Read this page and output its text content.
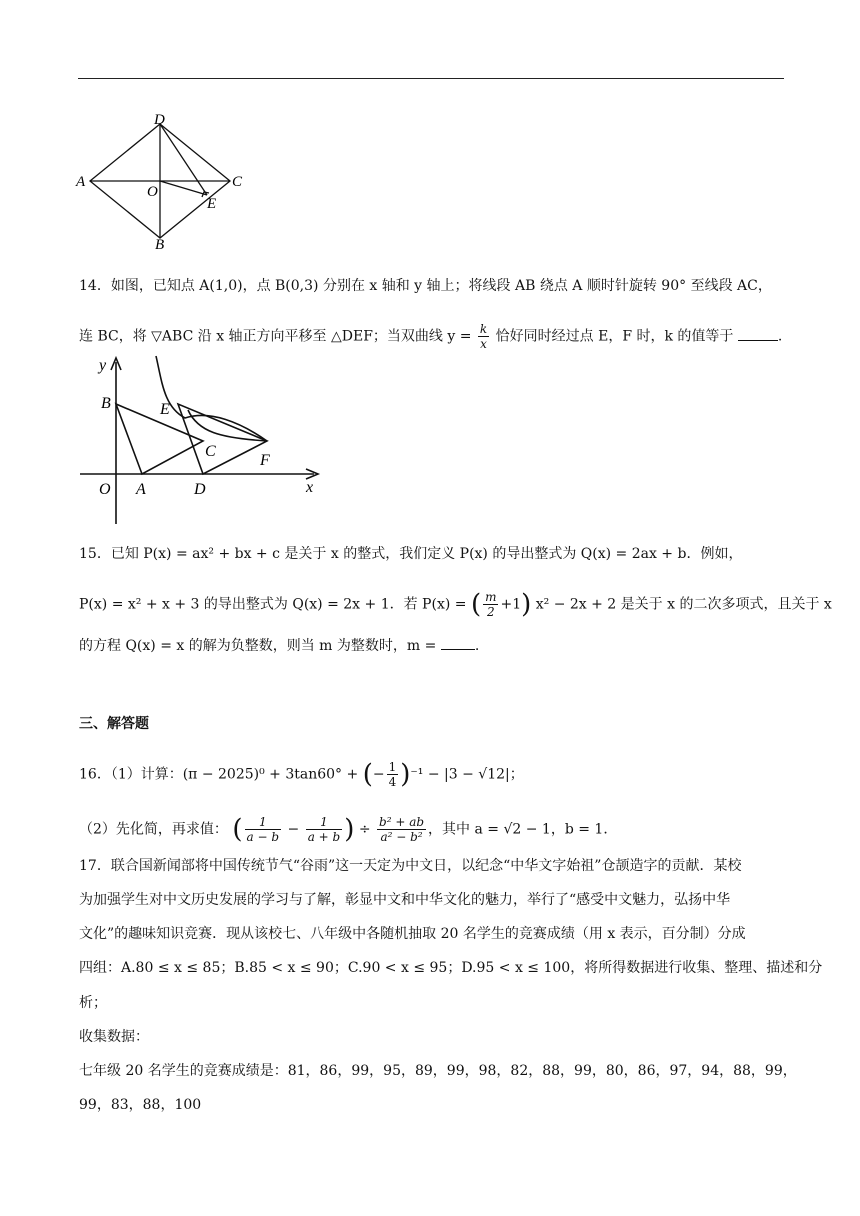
D
A	C
O
E
B
14．如图，已知点 A(1,0)，点 B(0,3) 分别在 x 轴和 y 轴上；将线段 AB 绕点 A 顺时针旋转 90° 至线段 AC，
连 BC，将 ▽ABC 沿 x 轴正方向平移至 △DEF；当双曲线 $y = \frac{k}{x}$ 恰好同时经过点 E，F 时，k 的值等于	.
y
B	E
C
F
O A	D	x
15．已知 P(x) = ax² + bx + c 是关于 x 的整式，我们定义 P(x) 的导出整式为 Q(x) = 2ax + b．例如，
P(x) = x² + x + 3 的导出整式为 Q(x) = 2x + 1．若 P(x) = ( $\frac{m}{2} +1$) x² − 2x + 2 是关于 x 的二次多项式，且关于 x
的方程 Q(x) = x 的解为负整数，则当 m 为整数时，m =	.
三、解答题
16．（1）计算：(π − 2025)⁰ + 3tan60° + (− $\frac{1}{4} )^{-1} - |3 - √12|$；
（2）先化简，再求值： ( $\frac{1}{a - b} - \frac{1}{a + b}$ ) ÷ $\frac{\text{b² + ab}}{\text{a² − b²}}$ ，其中 a = √2 − 1，b = 1．
17．联合国新闻部将中国传统节气“谷雨”这一天定为中文日，以纪念“中华文字始祖”仓颉造字的贡献．某校
为加强学生对中文历史发展的学习与了解，彰显中文和中华文化的魅力，举行了“感受中文魅力，弘扬中华
文化”的趣味知识竞赛．现从该校七、八年级中各随机抽取 20 名学生的竞赛成绩（用 x 表示，百分制）分成
四组：A.80 ≤ x ≤ 85；B.85 < x ≤ 90；C.90 < x ≤ 95；D.95 < x ≤ 100，将所得数据进行收集、整理、描述和分
析；
收集数据：
七年级 20 名学生的竞赛成绩是：81，86，99，95，89，99，98，82，88，99，80，86，97，94，88，99，
99，83，88，100
